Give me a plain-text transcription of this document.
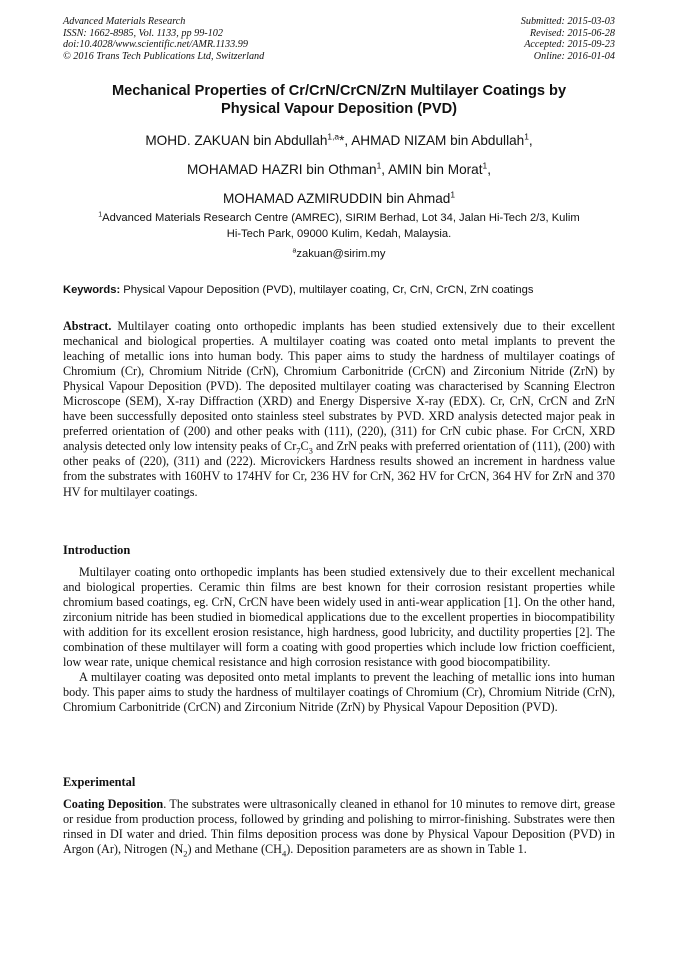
Advanced Materials Research
ISSN: 1662-8985, Vol. 1133, pp 99-102
doi:10.4028/www.scientific.net/AMR.1133.99
© 2016 Trans Tech Publications Ltd, Switzerland
Submitted: 2015-03-03
Revised: 2015-06-28
Accepted: 2015-09-23
Online: 2016-01-04
Mechanical Properties of Cr/CrN/CrCN/ZrN Multilayer Coatings by
Physical Vapour Deposition (PVD)
MOHD. ZAKUAN bin Abdullah$^{1,a}$*, AHMAD NIZAM bin Abdullah$^1$,
MOHAMAD HAZRI bin Othman$^1$, AMIN bin Morat$^1$,
MOHAMAD AZMIRUDDIN bin Ahmad$^1$
$^1$Advanced Materials Research Centre (AMREC), SIRIM Berhad, Lot 34, Jalan Hi-Tech 2/3, Kulim
Hi-Tech Park, 09000 Kulim, Kedah, Malaysia.
$^a$zakuan@sirim.my
Keywords: Physical Vapour Deposition (PVD), multilayer coating, Cr, CrN, CrCN, ZrN coatings

Abstract. Multilayer coating onto orthopedic implants has been studied extensively due to their excellent mechanical and biological properties. A multilayer coating was coated onto metal implants to prevent the leaching of metallic ions into human body. This paper aims to study the hardness of multilayer coatings of Chromium (Cr), Chromium Nitride (CrN), Chromium Carbonitride (CrCN) and Zirconium Nitride (ZrN) by Physical Vapour Deposition (PVD). The deposited multilayer coating was characterised by Scanning Electron Microscope (SEM), X-ray Diffraction (XRD) and Energy Dispersive X-ray (EDX). Cr, CrN, CrCN and ZrN have been successfully deposited onto stainless steel substrates by PVD. XRD analysis detected major peak in preferred orientation of (200) and other peaks with (111), (220), (311) for CrN cubic phase. For CrCN, XRD analysis detected only low intensity peaks of $Cr_7C_3$ and ZrN peaks with preferred orientation of (111), (200) with other peaks of (220), (311) and (222). Microvickers Hardness results showed an increment in hardness value from the substrates with 160HV to 174HV for Cr, 236 HV for CrN, 362 HV for CrCN, 364 HV for ZrN and 370 HV for multilayer coatings.

Introduction

Multilayer coating onto orthopedic implants has been studied extensively due to their excellent mechanical and biological properties. Ceramic thin films are best known for their corrosion resistant properties while chromium based coatings, eg. CrN, CrCN have been widely used in anti-wear application [1]. On the other hand, zirconium nitride has been studied in biomedical applications due to the excellent properties in biocompatibility with addition for its excellent erosion resistance, high hardness, good lubricity, and ductility properties [2]. The combination of these multilayer will form a coating with good properties which include low friction coefficient, low wear rate, unique chemical resistance and high corrosion resistance with good biocompatibility.

A multilayer coating was deposited onto metal implants to prevent the leaching of metallic ions into human body. This paper aims to study the hardness of multilayer coatings of Chromium (Cr), Chromium Nitride (CrN), Chromium Carbonitride (CrCN) and Zirconium Nitride (ZrN) by Physical Vapour Deposition (PVD).

Experimental

Coating Deposition. The substrates were ultrasonically cleaned in ethanol for 10 minutes to remove dirt, grease or residue from production process, followed by grinding and polishing to mirror-finishing. Substrates were then rinsed in DI water and dried. Thin films deposition process was done by Physical Vapour Deposition (PVD) in Argon (Ar), Nitrogen $(N_2)$ and Methane $(CH_4)$. Deposition parameters are as shown in Table 1.
